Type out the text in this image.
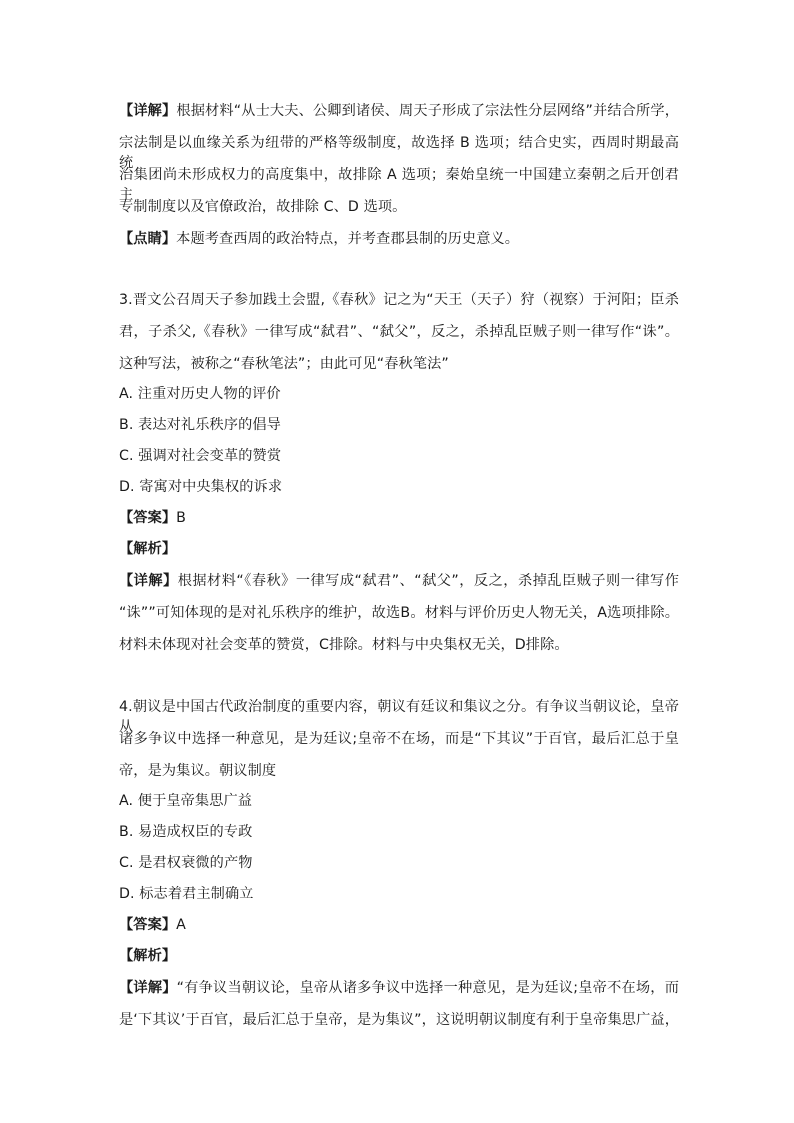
【详解】根据材料“从士大夫、公卿到诸侯、周天子形成了宗法性分层网络”并结合所学，

宗法制是以血缘关系为纽带的严格等级制度，故选择 B 选项；结合史实，西周时期最高统

治集团尚未形成权力的高度集中，故排除 A 选项；秦始皇统一中国建立秦朝之后开创君主

专制制度以及官僚政治，故排除 C、D 选项。

【点睛】本题考查西周的政治特点，并考查郡县制的历史意义。

3.晋文公召周天子参加践土会盟,《春秋》记之为“天王（天子）狩（视察）于河阳；臣杀

君，子杀父,《春秋》一律写成“弑君”、“弑父”，反之，杀掉乱臣贼子则一律写作“诛”。

这种写法，被称之“春秋笔法”；由此可见“春秋笔法”

A. 注重对历史人物的评价

B. 表达对礼乐秩序的倡导

C. 强调对社会变革的赞赏

D. 寄寓对中央集权的诉求

【答案】B

【解析】

【详解】根据材料“《春秋》一律写成“弑君”、“弑父”，反之，杀掉乱臣贼子则一律写作

“诛””可知体现的是对礼乐秩序的维护，故选B。材料与评价历史人物无关，A选项排除。

材料未体现对社会变革的赞赏，C排除。材料与中央集权无关，D排除。

4.朝议是中国古代政治制度的重要内容，朝议有廷议和集议之分。有争议当朝议论，皇帝从

诸多争议中选择一种意见，是为廷议;皇帝不在场，而是“下其议”于百官，最后汇总于皇

帝，是为集议。朝议制度

A. 便于皇帝集思广益

B. 易造成权臣的专政

C. 是君权衰微的产物

D. 标志着君主制确立

【答案】A

【解析】

【详解】“有争议当朝议论，皇帝从诸多争议中选择一种意见，是为廷议;皇帝不在场，而

是‘下其议’于百官，最后汇总于皇帝，是为集议”，这说明朝议制度有利于皇帝集思广益，
